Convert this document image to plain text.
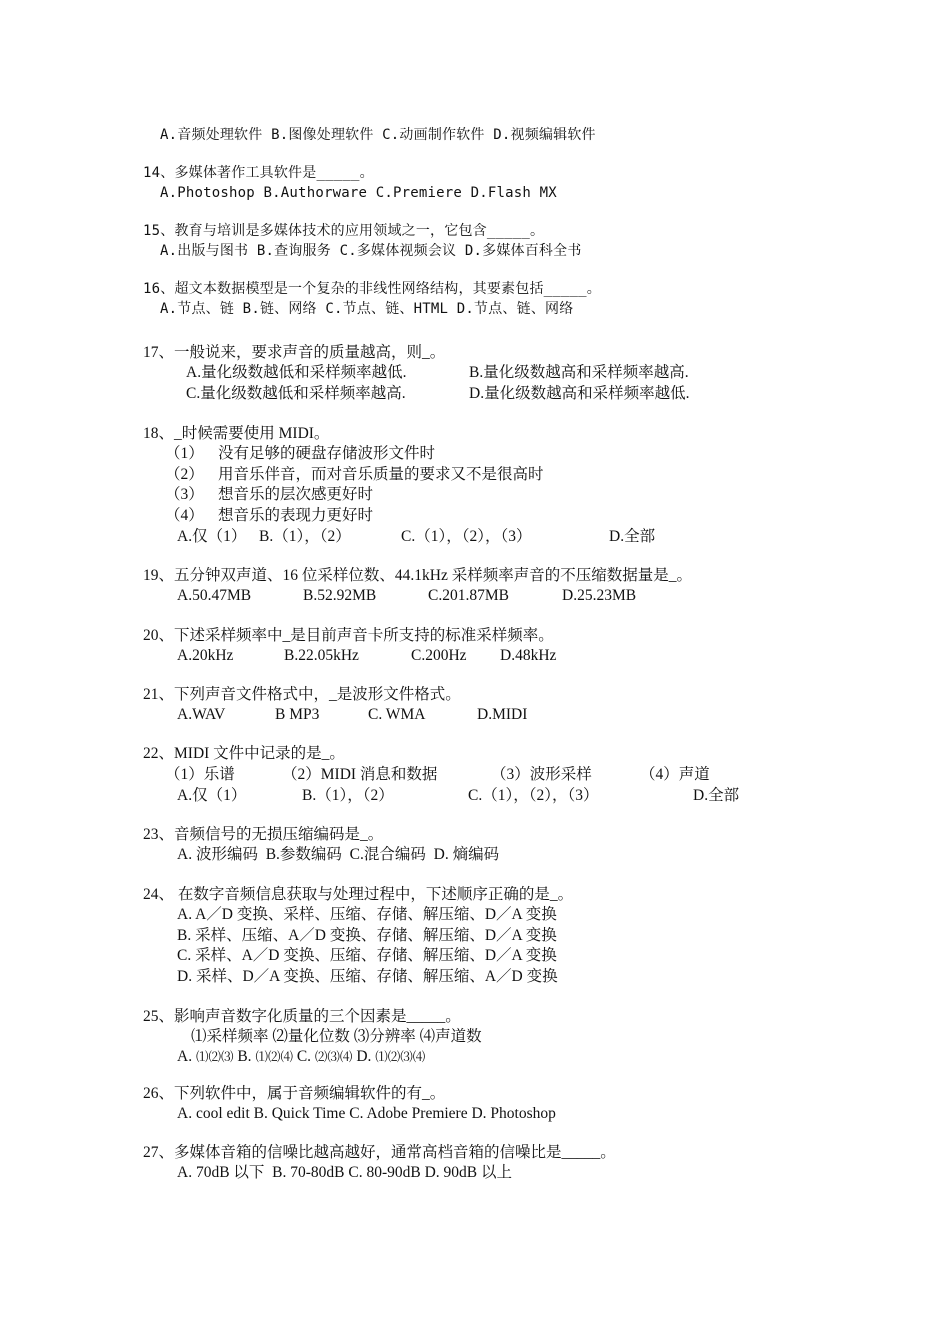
A.音频处理软件 B.图像处理软件 C.动画制作软件 D.视频编辑软件
14、多媒体著作工具软件是_____。
A.Photoshop B.Authorware C.Premiere D.Flash MX
15、教育与培训是多媒体技术的应用领域之一，它包含_____。
A.出版与图书 B.查询服务 C.多媒体视频会议 D.多媒体百科全书
16、超文本数据模型是一个复杂的非线性网络结构，其要素包括_____。
A.节点、链 B.链、网络 C.节点、链、HTML D.节点、链、网络
17、一般说来，要求声音的质量越高，则_。
A.量化级数越低和采样频率越低.	B.量化级数越高和采样频率越高.
C.量化级数越低和采样频率越高.	D.量化级数越高和采样频率越低.
18、_时候需要使用 MIDI。
（1） 没有足够的硬盘存储波形文件时
（2） 用音乐伴音，而对音乐质量的要求又不是很高时
（3） 想音乐的层次感更好时
（4） 想音乐的表现力更好时
A.仅（1） B.（1），（2）	C.（1），（2），（3）	D.全部
19、五分钟双声道、16 位采样位数、44.1kHz 采样频率声音的不压缩数据量是_。
A.50.47MB	B.52.92MB	C.201.87MB	D.25.23MB
20、下述采样频率中_是目前声音卡所支持的标准采样频率。
A.20kHz	B.22.05kHz	C.200Hz D.48kHz
21、下列声音文件格式中，_是波形文件格式。
A.WAV	B MP3	C. WMA	D.MIDI
22、MIDI 文件中记录的是_。
（1）乐谱	（2）MIDI 消息和数据	（3）波形采样	（4）声道
A.仅（1）	B.（1），（2）	C.（1），（2），（3）	D.全部
23、音频信号的无损压缩编码是_。
A. 波形编码  B.参数编码  C.混合编码  D. 熵编码
24、 在数字音频信息获取与处理过程中，下述顺序正确的是_。
A. A／D 变换、采样、压缩、存储、解压缩、D／A 变换
B. 采样、压缩、A／D 变换、存储、解压缩、D／A 变换
C. 采样、A／D 变换、压缩、存储、解压缩、D／A 变换
D. 采样、D／A 变换、压缩、存储、解压缩、A／D 变换
25、影响声音数字化质量的三个因素是_____。
⑴采样频率 ⑵量化位数 ⑶分辨率 ⑷声道数
A. ⑴⑵⑶ B. ⑴⑵⑷ C. ⑵⑶⑷ D. ⑴⑵⑶⑷
26、下列软件中，属于音频编辑软件的有_。
A. cool edit B. Quick Time C. Adobe Premiere D. Photoshop
27、多媒体音箱的信噪比越高越好，通常高档音箱的信噪比是_____。
A. 70dB 以下  B. 70-80dB C. 80-90dB D. 90dB 以上
